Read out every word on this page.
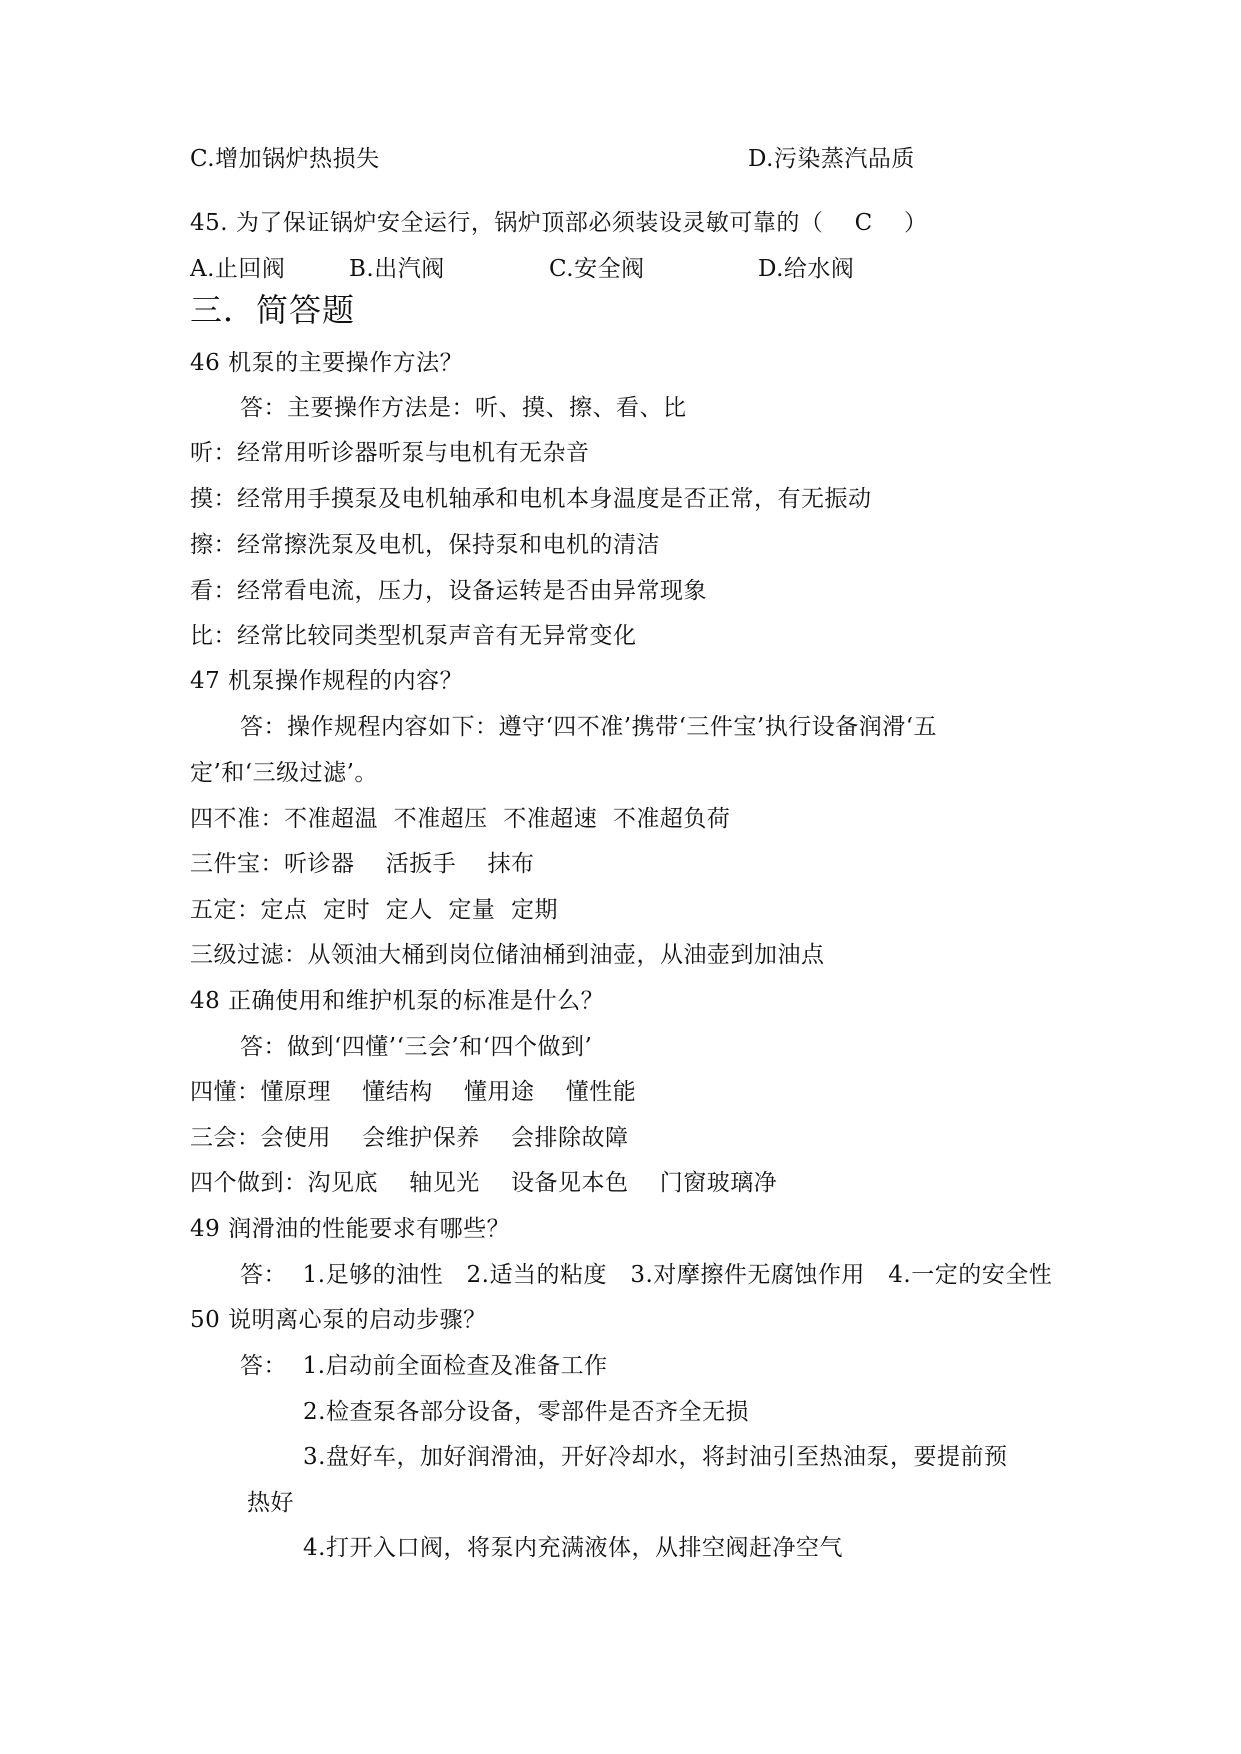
C.增加锅炉热损失	D.污染蒸汽品质
45. 为了保证锅炉安全运行，锅炉顶部必须装设灵敏可靠的（    C    ）
A.止回阀	B.出汽阀	C.安全阀	D.给水阀
三．简答题
46 机泵的主要操作方法？
答：主要操作方法是：听、摸、擦、看、比
听：经常用听诊器听泵与电机有无杂音
摸：经常用手摸泵及电机轴承和电机本身温度是否正常，有无振动
擦：经常擦洗泵及电机，保持泵和电机的清洁
看：经常看电流，压力，设备运转是否由异常现象
比：经常比较同类型机泵声音有无异常变化
47 机泵操作规程的内容？
答：操作规程内容如下：遵守‘四不准’携带‘三件宝’执行设备润滑‘五
定’和‘三级过滤’。
四不准：不准超温  不准超压  不准超速  不准超负荷
三件宝：听诊器    活扳手    抹布
五定：定点  定时  定人  定量  定期
三级过滤：从领油大桶到岗位储油桶到油壶，从油壶到加油点
48 正确使用和维护机泵的标准是什么？
答：做到‘四懂’‘三会’和‘四个做到’
四懂：懂原理    懂结构    懂用途    懂性能
三会：会使用    会维护保养    会排除故障
四个做到：沟见底    轴见光    设备见本色    门窗玻璃净
49 润滑油的性能要求有哪些？
答：  1.足够的油性   2.适当的粘度   3.对摩擦件无腐蚀作用   4.一定的安全性
50 说明离心泵的启动步骤？
答：  1.启动前全面检查及准备工作
2.检查泵各部分设备，零部件是否齐全无损
3.盘好车，加好润滑油，开好冷却水，将封油引至热油泵，要提前预
热好
4.打开入口阀，将泵内充满液体，从排空阀赶净空气
